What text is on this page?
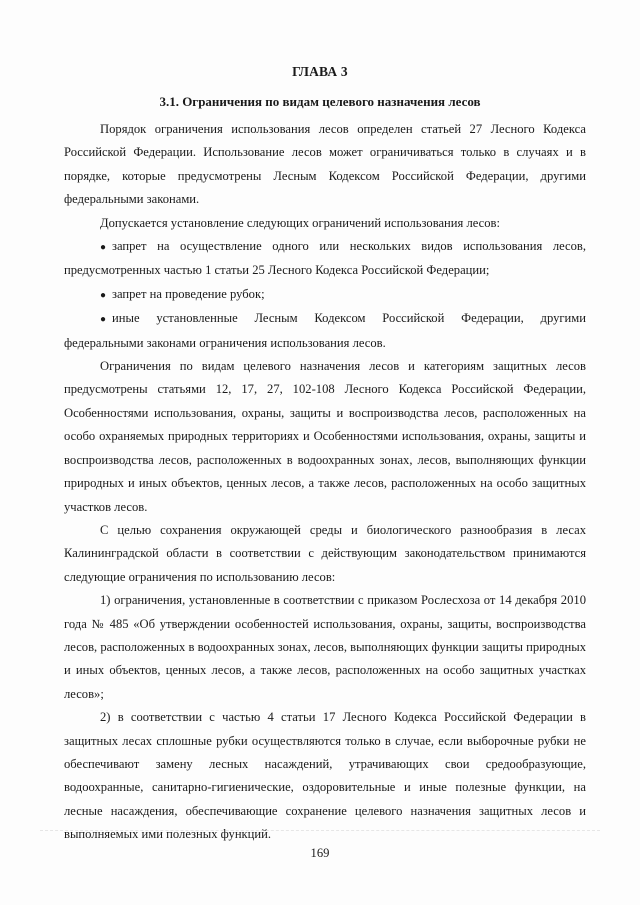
ГЛАВА 3
3.1. Ограничения по видам целевого назначения лесов

Порядок ограничения использования лесов определен статьей 27 Лесного Кодекса Российской Федерации. Использование лесов может ограничиваться только в случаях и в порядке, которые предусмотрены Лесным Кодексом Российской Федерации, другими федеральными законами.

Допускается установление следующих ограничений использования лесов:

● запрет на осуществление одного или нескольких видов использования лесов, предусмотренных частью 1 статьи 25 Лесного Кодекса Российской Федерации;
● запрет на проведение рубок;
● иные установленные Лесным Кодексом Российской Федерации, другими федеральными законами ограничения использования лесов.

Ограничения по видам целевого назначения лесов и категориям защитных лесов предусмотрены статьями 12, 17, 27, 102-108 Лесного Кодекса Российской Федерации, Особенностями использования, охраны, защиты и воспроизводства лесов, расположенных на особо охраняемых природных территориях и Особенностями использования, охраны, защиты и воспроизводства лесов, расположенных в водоохранных зонах, лесов, выполняющих функции природных и иных объектов, ценных лесов, а также лесов, расположенных на особо защитных участков лесов.

С целью сохранения окружающей среды и биологического разнообразия в лесах Калининградской области в соответствии с действующим законодательством принимаются следующие ограничения по использованию лесов:

1) ограничения, установленные в соответствии с приказом Рослесхоза от 14 декабря 2010 года № 485 «Об утверждении особенностей использования, охраны, защиты, воспроизводства лесов, расположенных в водоохранных зонах, лесов, выполняющих функции защиты природных и иных объектов, ценных лесов, а также лесов, расположенных на особо защитных участках лесов»;

2) в соответствии с частью 4 статьи 17 Лесного Кодекса Российской Федерации в защитных лесах сплошные рубки осуществляются только в случае, если выборочные рубки не обеспечивают замену лесных насаждений, утрачивающих свои средообразующие, водоохранные, санитарно-гигиенические, оздоровительные и иные полезные функции, на лесные насаждения, обеспечивающие сохранение целевого назначения защитных лесов и выполняемых ими полезных функций.

169
